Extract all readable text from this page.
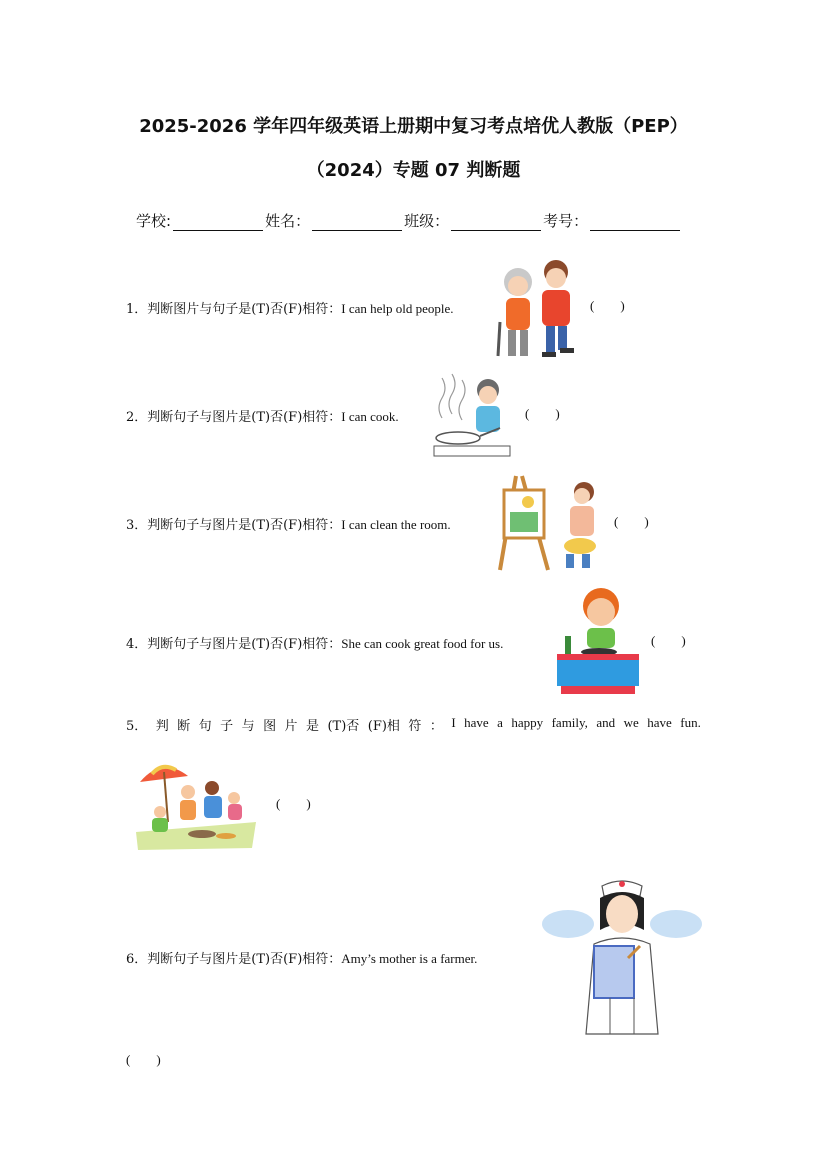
2025-2026 学年四年级英语上册期中复习考点培优人教版（PEP）
（2024）专题 07 判断题
学校:	姓名：	班级：	考号：
1．判断图片与句子是(T)否(F)相符：I can help old people.	(        )
2．判断句子与图片是(T)否(F)相符：I can cook.	(        )
3．判断句子与图片是(T)否(F)相符：I can clean the room.	(        )
4．判断句子与图片是(T)否(F)相符：She can cook great food for us.	(        )
5． 判 断 句 子 与 图 片 是 (T)否 (F)相 符 ： I have a happy family, and we have fun.
(        )
6．判断句子与图片是(T)否(F)相符：Amy’s mother is a farmer.
(        )
